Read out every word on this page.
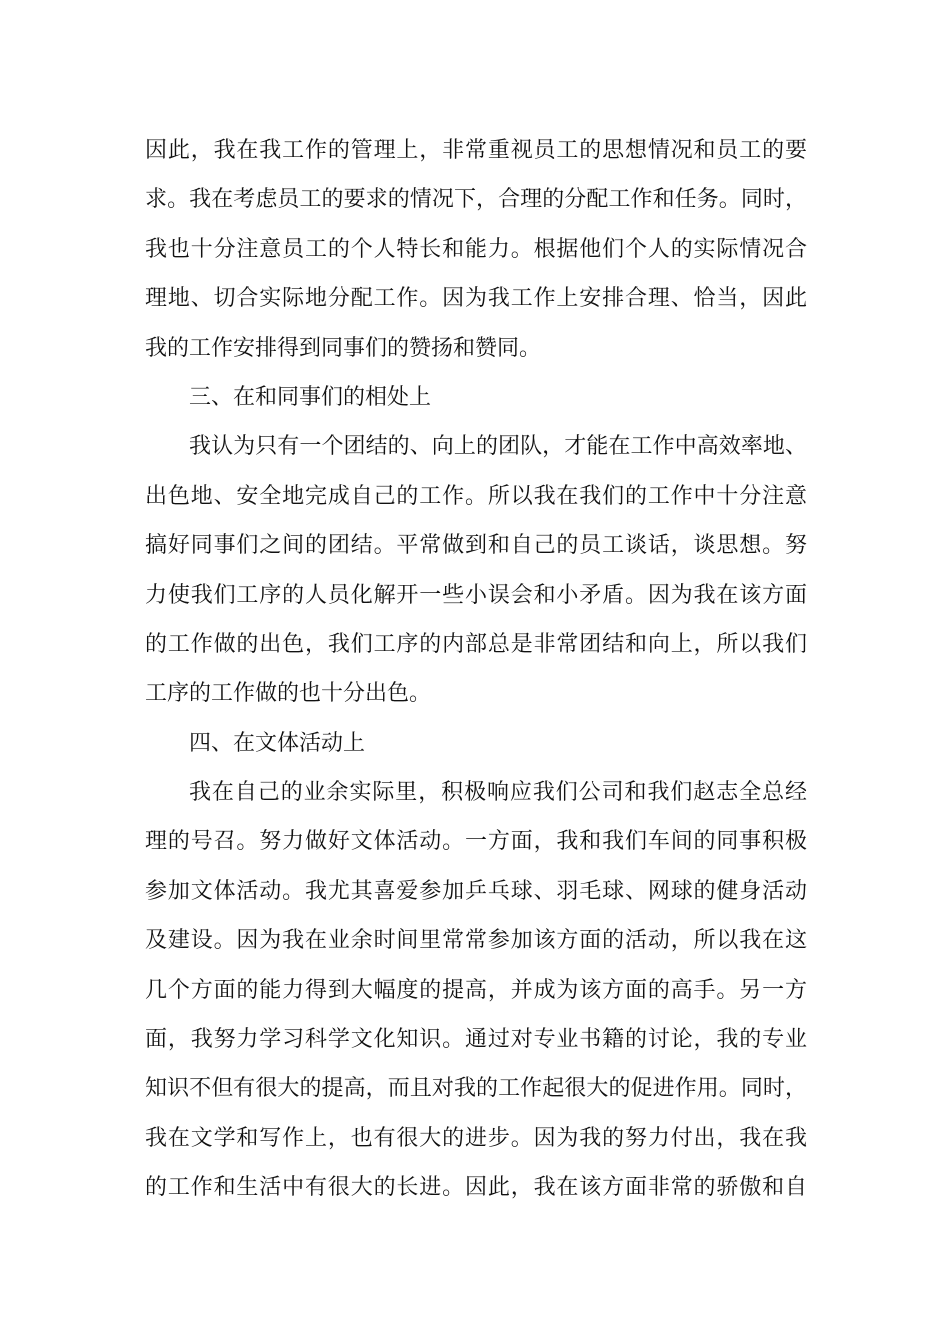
因此，我在我工作的管理上，非常重视员工的思想情况和员工的要
求。我在考虑员工的要求的情况下，合理的分配工作和任务。同时，
我也十分注意员工的个人特长和能力。根据他们个人的实际情况合
理地、切合实际地分配工作。因为我工作上安排合理、恰当，因此
我的工作安排得到同事们的赞扬和赞同。
三、在和同事们的相处上
我认为只有一个团结的、向上的团队，才能在工作中高效率地、
出色地、安全地完成自己的工作。所以我在我们的工作中十分注意
搞好同事们之间的团结。平常做到和自己的员工谈话，谈思想。努
力使我们工序的人员化解开一些小误会和小矛盾。因为我在该方面
的工作做的出色，我们工序的内部总是非常团结和向上，所以我们
工序的工作做的也十分出色。
四、在文体活动上
我在自己的业余实际里，积极响应我们公司和我们赵志全总经
理的号召。努力做好文体活动。一方面，我和我们车间的同事积极
参加文体活动。我尤其喜爱参加乒乓球、羽毛球、网球的健身活动
及建设。因为我在业余时间里常常参加该方面的活动，所以我在这
几个方面的能力得到大幅度的提高，并成为该方面的高手。另一方
面，我努力学习科学文化知识。通过对专业书籍的讨论，我的专业
知识不但有很大的提高，而且对我的工作起很大的促进作用。同时，
我在文学和写作上，也有很大的进步。因为我的努力付出，我在我
的工作和生活中有很大的长进。因此，我在该方面非常的骄傲和自
